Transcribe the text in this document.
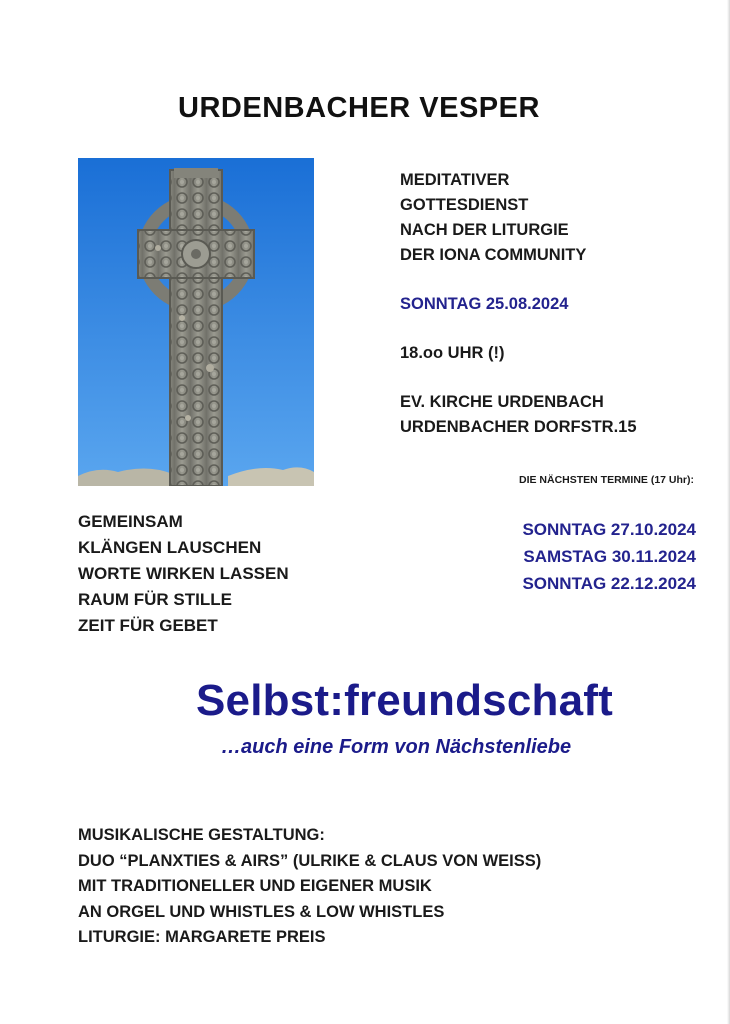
URDENBACHER VESPER
MEDITATIVER
GOTTESDIENST
NACH DER LITURGIE
DER IONA COMMUNITY
SONNTAG 25.08.2024
18.oo UHR (!)
EV. KIRCHE URDENBACH
URDENBACHER DORFSTR.15
DIE NÄCHSTEN TERMINE (17 Uhr):
SONNTAG 27.10.2024
SAMSTAG 30.11.2024
SONNTAG 22.12.2024
GEMEINSAM
KLÄNGEN LAUSCHEN
WORTE WIRKEN LASSEN
RAUM FÜR STILLE
ZEIT FÜR GEBET
Selbst:freundschaft
…auch eine Form von Nächstenliebe
MUSIKALISCHE GESTALTUNG:
DUO “PLANXTIES & AIRS” (ULRIKE & CLAUS VON WEISS)
MIT TRADITIONELLER UND EIGENER MUSIK
AN ORGEL UND WHISTLES & LOW WHISTLES
LITURGIE: MARGARETE PREIS
